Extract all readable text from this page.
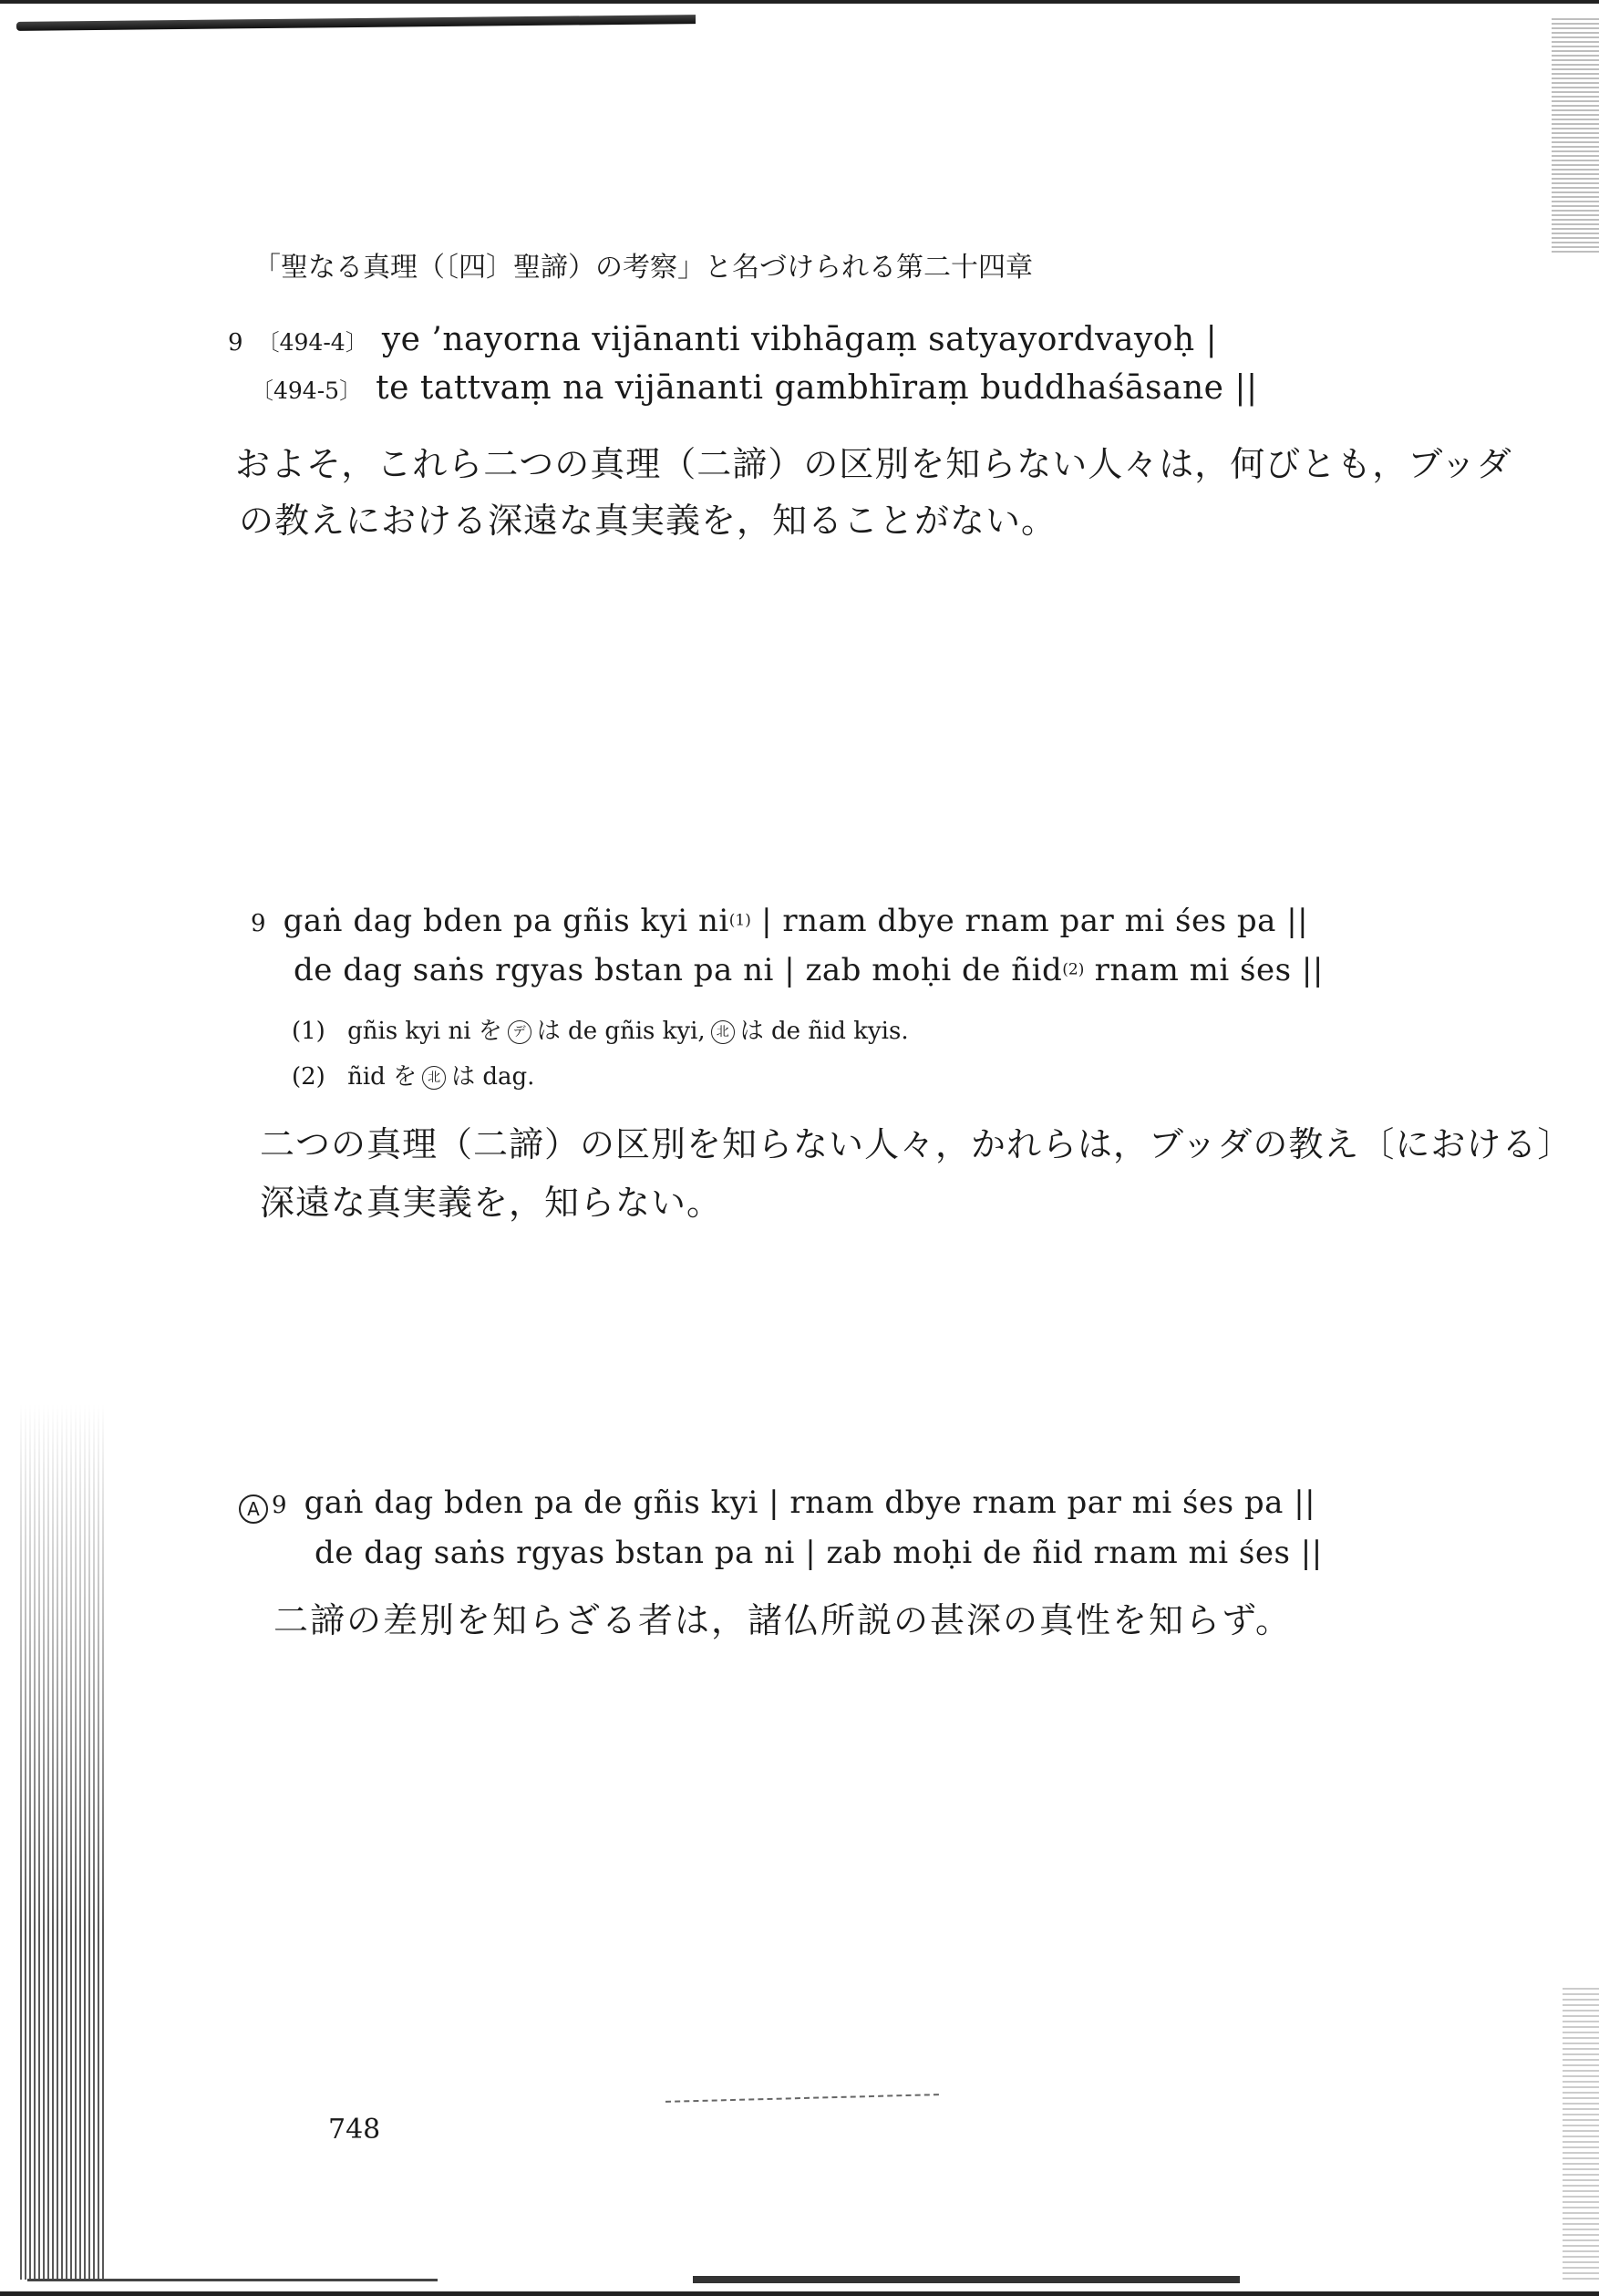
「聖なる真理（〔四〕聖諦）の考察」と名づけられる第二十四章
9 〔494-4〕 ye ’nayorna vijānanti vibhāgaṃ satyayordvayoḥ |
〔494-5〕 te tattvaṃ na vijānanti gambhīraṃ buddhaśāsane ||
およそ，これら二つの真理（二諦）の区別を知らない人々は，何びとも，ブッダ
の教えにおける深遠な真実義を，知ることがない。
9 gaṅ dag bden pa gñis kyi $ni^{(1)}$ | rnam dbye rnam par mi śes pa ||
de dag saṅs rgyas bstan pa ni | zab moḥi de ñid$^{(2)}$ rnam mi śes ||
(1) gñis kyi ni を デ は de gñis kyi, 北 は de ñid kyis.
(2) ñid を 北 は dag.
二つの真理（二諦）の区別を知らない人々，かれらは，ブッダの教え〔における〕
深遠な真実義を，知らない。
A 9 gaṅ dag bden pa de gñis kyi | rnam dbye rnam par mi śes pa ||
de dag saṅs rgyas bstan pa ni | zab moḥi de ñid rnam mi śes ||
二諦の差別を知らざる者は，諸仏所説の甚深の真性を知らず。
748
